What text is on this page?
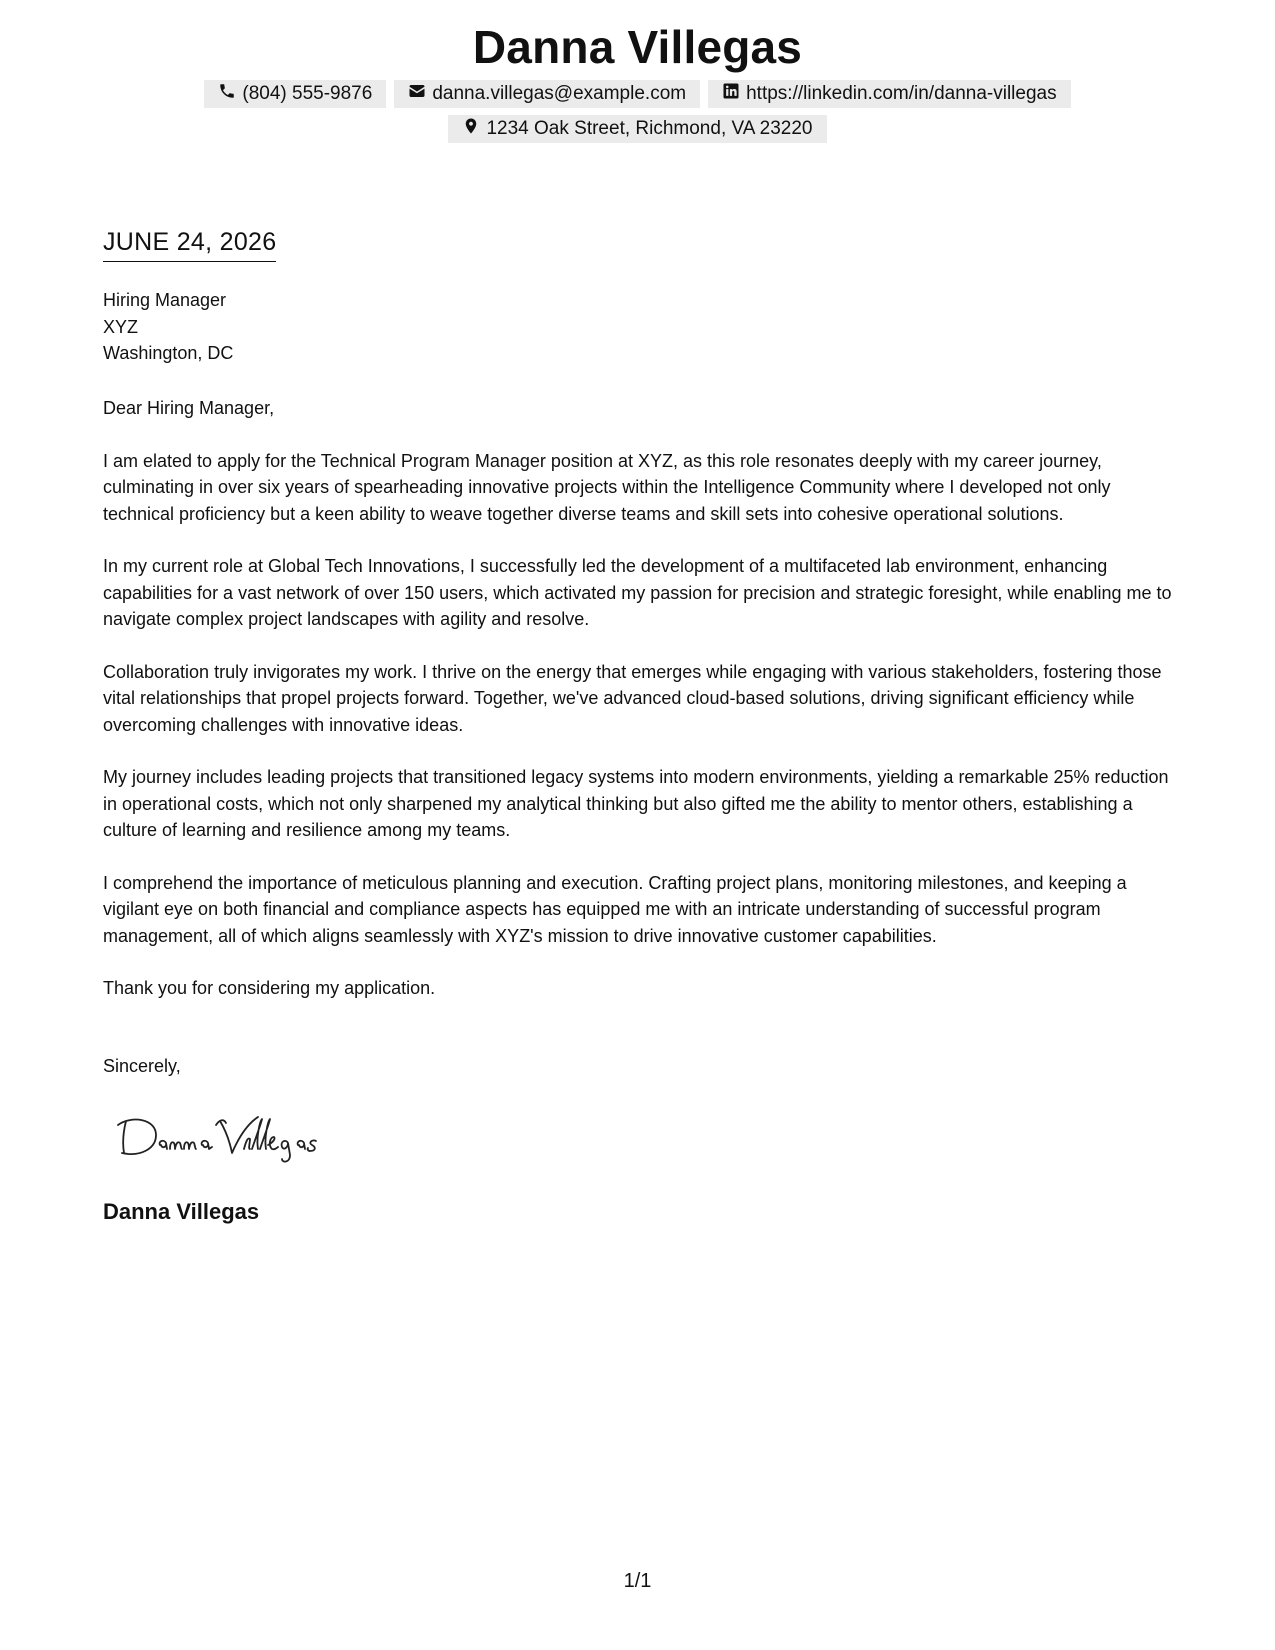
Danna Villegas
(804) 555-9876	danna.villegas@example.com	https://linkedin.com/in/danna-villegas
1234 Oak Street, Richmond, VA 23220
JUNE 24, 2026
Hiring Manager
XYZ
Washington, DC

Dear Hiring Manager,

I am elated to apply for the Technical Program Manager position at XYZ, as this role resonates deeply with my career journey, culminating in over six years of spearheading innovative projects within the Intelligence Community where I developed not only technical proficiency but a keen ability to weave together diverse teams and skill sets into cohesive operational solutions.

In my current role at Global Tech Innovations, I successfully led the development of a multifaceted lab environment, enhancing capabilities for a vast network of over 150 users, which activated my passion for precision and strategic foresight, while enabling me to navigate complex project landscapes with agility and resolve.

Collaboration truly invigorates my work. I thrive on the energy that emerges while engaging with various stakeholders, fostering those vital relationships that propel projects forward. Together, we've advanced cloud-based solutions, driving significant efficiency while overcoming challenges with innovative ideas.

My journey includes leading projects that transitioned legacy systems into modern environments, yielding a remarkable 25% reduction in operational costs, which not only sharpened my analytical thinking but also gifted me the ability to mentor others, establishing a culture of learning and resilience among my teams.

I comprehend the importance of meticulous planning and execution. Crafting project plans, monitoring milestones, and keeping a vigilant eye on both financial and compliance aspects has equipped me with an intricate understanding of successful program management, all of which aligns seamlessly with XYZ's mission to drive innovative customer capabilities.

Thank you for considering my application.

Sincerely,
Danna Villegas
1/1
